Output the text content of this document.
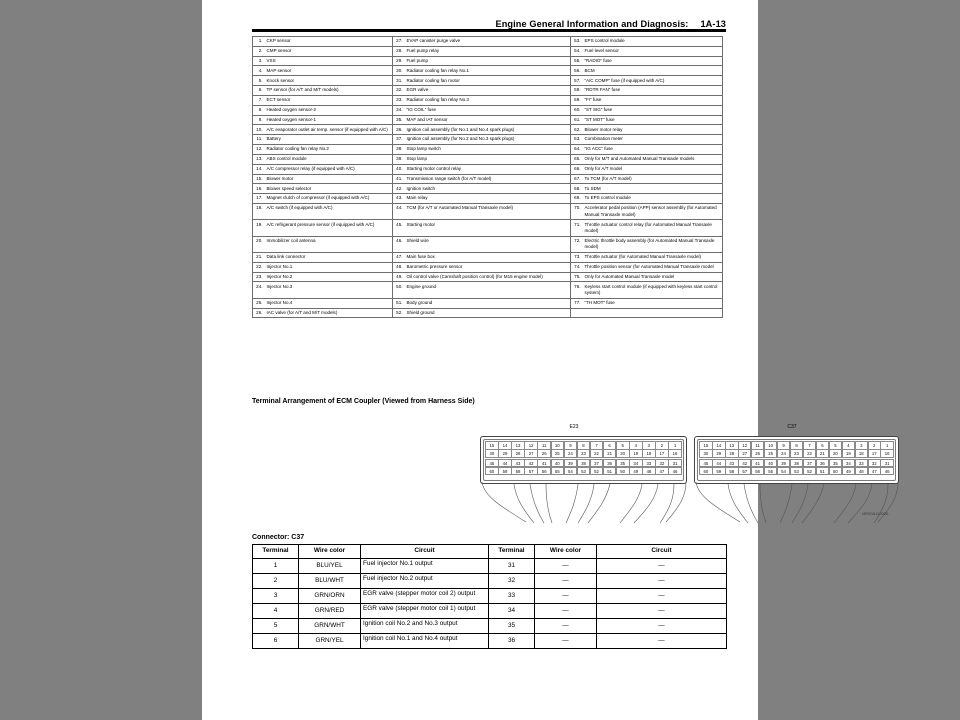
Engine General Information and Diagnosis: 1A-13
1.	CKP sensor	27.	EVAP canister purge valve	53.	EPS control module
2.	CMP sensor	28.	Fuel pump relay	54.	Fuel level sensor
3.	VSS	29.	Fuel pump	55.	“RADIO” fuse
4.	MAP sensor	30.	Radiator cooling fan relay No.1	56.	BCM
5.	Knock sensor	31.	Radiator cooling fan motor	57.	“A/C COMP” fuse (if equipped with A/C)
6.	TP sensor (for A/T and M/T models)	32.	EGR valve	58.	“RDTR FAN” fuse
7.	ECT sensor	33.	Radiator cooling fan relay No.3	59.	“FI” fuse
8.	Heated oxygen sensor-2	34.	“IG COIL” fuse	60.	“ST SIG” fuse
9.	Heated oxygen sensor-1	35.	MAF and IAT sensor	61.	“ST MOT” fuse
10.	A/C evaporator outlet air temp. sensor (if equipped with A/C)	36.	Ignition coil assembly (for No.1 and No.4 spark plugs)	62.	Blower motor relay
11.	Battery	37.	Ignition coil assembly (for No.2 and No.3 spark plugs)	63.	Combination meter
12.	Radiator cooling fan relay No.2	38.	Stop lamp switch	64.	“IG ACC” fuse
13.	ABS control module	39.	Stop lamp	65.	Only for M/T and Automated Manual Transaxle models
14.	A/C compressor relay (if equipped with A/C)	40.	Starting motor control relay	66.	Only for A/T model
15.	Blower motor	41.	Transmission range switch (for A/T model)	67.	To TCM (for A/T model)
16.	Blower speed selector	42.	Ignition switch	68.	To SDM
17.	Magnet clutch of compressor (if equipped with A/C)	43.	Main relay	69.	To EPS control module
18.	A/C switch (if equipped with A/C)	44.	TCM (for A/T or Automated Manual Transaxle model)	70.	Accelerator pedal position (APP) sensor assembly (for Automated Manual Transaxle model)
19.	A/C refrigerant pressure sensor (if equipped with A/C)	45.	Starting motor	71.	Throttle actuator control relay (for Automated Manual Transaxle model)
20.	Immobilizer coil antenna	46.	Shield wire	72.	Electric throttle body assembly (for Automated Manual Transaxle model)
21.	Data link connector	47.	Main fuse box	73.	Throttle actuator (for Automated Manual Transaxle model)
22.	Injector No.1	48.	Barometric pressure sensor	74.	Throttle position sensor (for Automated Manual Transaxle model
23.	Injector No.2	49.	Oil control valve (Camshaft position control) (for M15 engine model)	75.	Only for Automated Manual Transaxle model
24.	Injector No.3	50.	Engine ground	76.	Keyless start control module (if equipped with keyless start control system)
25.	Injector No.4	51.	Body ground	77.	“TH MOT” fuse
26.	IAC valve (for A/T and M/T models)	52.	Shield ground		
Terminal Arrangement of ECM Coupler (Viewed from Harness Side)
E23
15	14	13	12	11	10	9	8	7	6	5	4	3	2	1
30	29	28	27	26	25	24	23	22	21	20	19	18	17	16
45	44	43	42	41	40	39	38	37	36	35	34	33	32	31
60	59	58	57	56	55	54	53	52	51	50	49	48	47	46
C37
15	14	13	12	11	10	9	8	7	6	5	4	3	2	1
30	29	28	27	26	25	24	23	22	21	20	19	18	17	16
45	44	43	42	41	40	39	38	37	36	35	34	33	32	31
60	59	58	57	56	55	54	53	52	51	50	49	48	47	46
I4RS0A110008-
Connector: C37
Terminal	Wire color	Circuit	Terminal	Wire color	Circuit
1	BLU/YEL	Fuel injector No.1 output	31	—	—
2	BLU/WHT	Fuel injector No.2 output	32	—	—
3	GRN/ORN	EGR valve (stepper motor coil 2) output	33	—	—
4	GRN/RED	EGR valve (stepper motor coil 1) output	34	—	—
5	GRN/WHT	Ignition coil No.2 and No.3 output	35	—	—
6	GRN/YEL	Ignition coil No.1 and No.4 output	36	—	—
